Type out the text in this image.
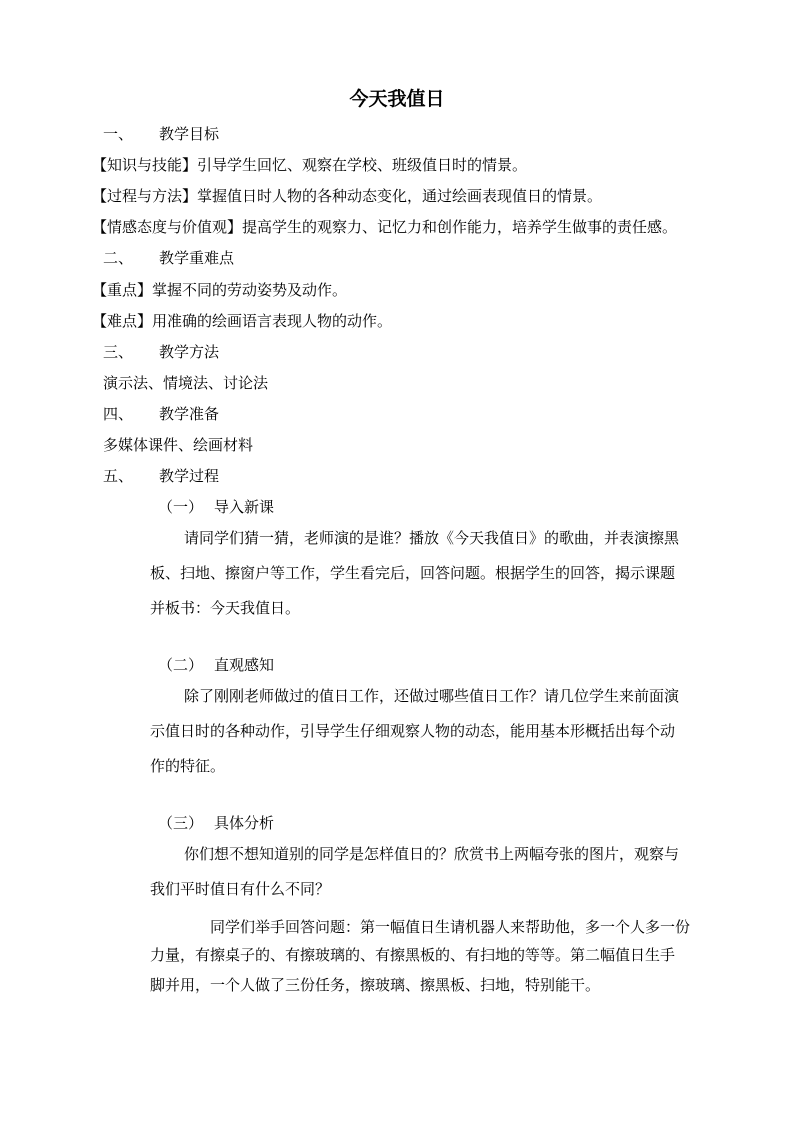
今天我值日
一、 教学目标
【知识与技能】引导学生回忆、观察在学校、班级值日时的情景。
【过程与方法】掌握值日时人物的各种动态变化，通过绘画表现值日的情景。
【情感态度与价值观】提高学生的观察力、记忆力和创作能力，培养学生做事的责任感。
二、 教学重难点
【重点】掌握不同的劳动姿势及动作。
【难点】用准确的绘画语言表现人物的动作。
三、 教学方法
演示法、情境法、讨论法
四、 教学准备
多媒体课件、绘画材料
五、 教学过程
（一） 导入新课
请同学们猜一猜，老师演的是谁？播放《今天我值日》的歌曲，并表演擦黑
板、扫地、擦窗户等工作，学生看完后，回答问题。根据学生的回答，揭示课题
并板书：今天我值日。
（二） 直观感知
除了刚刚老师做过的值日工作，还做过哪些值日工作？请几位学生来前面演
示值日时的各种动作，引导学生仔细观察人物的动态，能用基本形概括出每个动
作的特征。
（三） 具体分析
你们想不想知道别的同学是怎样值日的？欣赏书上两幅夸张的图片，观察与
我们平时值日有什么不同？
同学们举手回答问题：第一幅值日生请机器人来帮助他，多一个人多一份
力量，有擦桌子的、有擦玻璃的、有擦黑板的、有扫地的等等。第二幅值日生手
脚并用，一个人做了三份任务，擦玻璃、擦黑板、扫地，特别能干。
